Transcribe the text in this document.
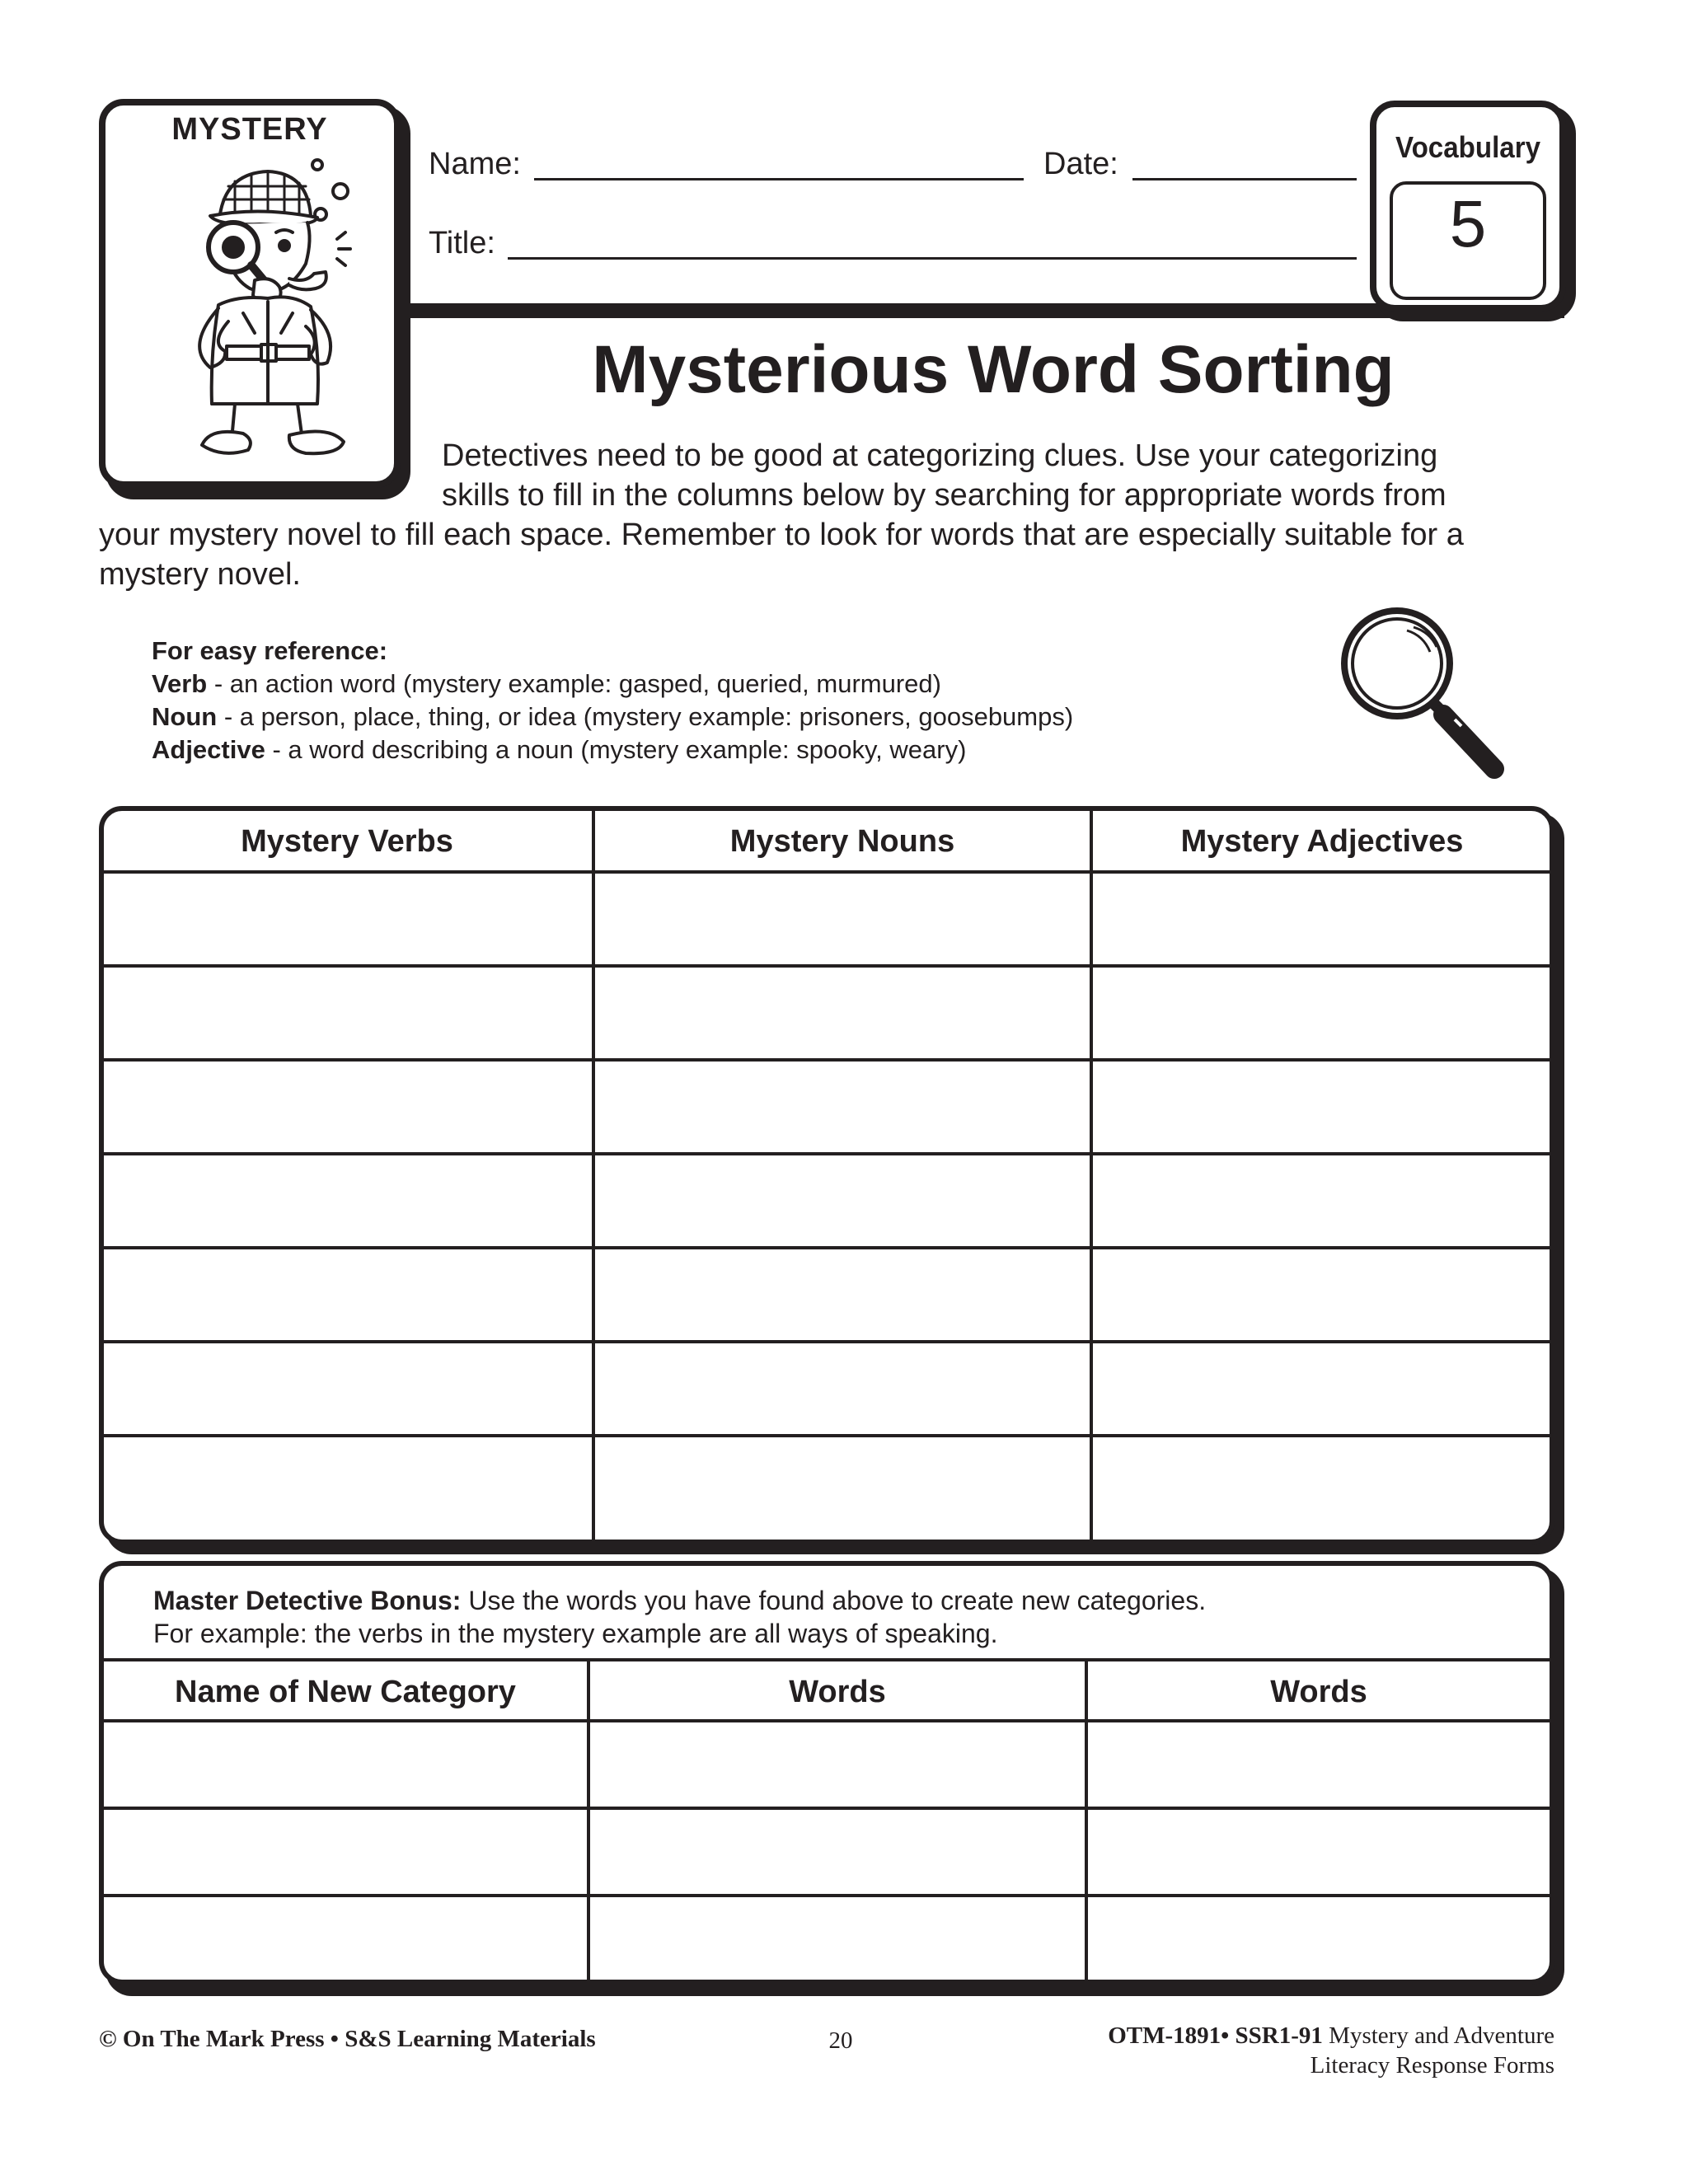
MYSTERY
Name:	Date:
Title:
Vocabulary
5
Mysterious Word Sorting
Detectives need to be good at categorizing clues. Use your categorizing
skills to fill in the columns below by searching for appropriate words from
your mystery novel to fill each space. Remember to look for words that are especially suitable for a
mystery novel.
For easy reference:
Verb - an action word (mystery example: gasped, queried, murmured)
Noun - a person, place, thing, or idea (mystery example: prisoners, goosebumps)
Adjective - a word describing a noun (mystery example: spooky, weary)
Mystery Verbs	Mystery Nouns	Mystery Adjectives
Master Detective Bonus: Use the words you have found above to create new categories.
For example: the verbs in the mystery example are all ways of speaking.
Name of New Category	Words	Words
© On The Mark Press • S&S Learning Materials	20	OTM-1891• SSR1-91 Mystery and Adventure
Literacy Response Forms
